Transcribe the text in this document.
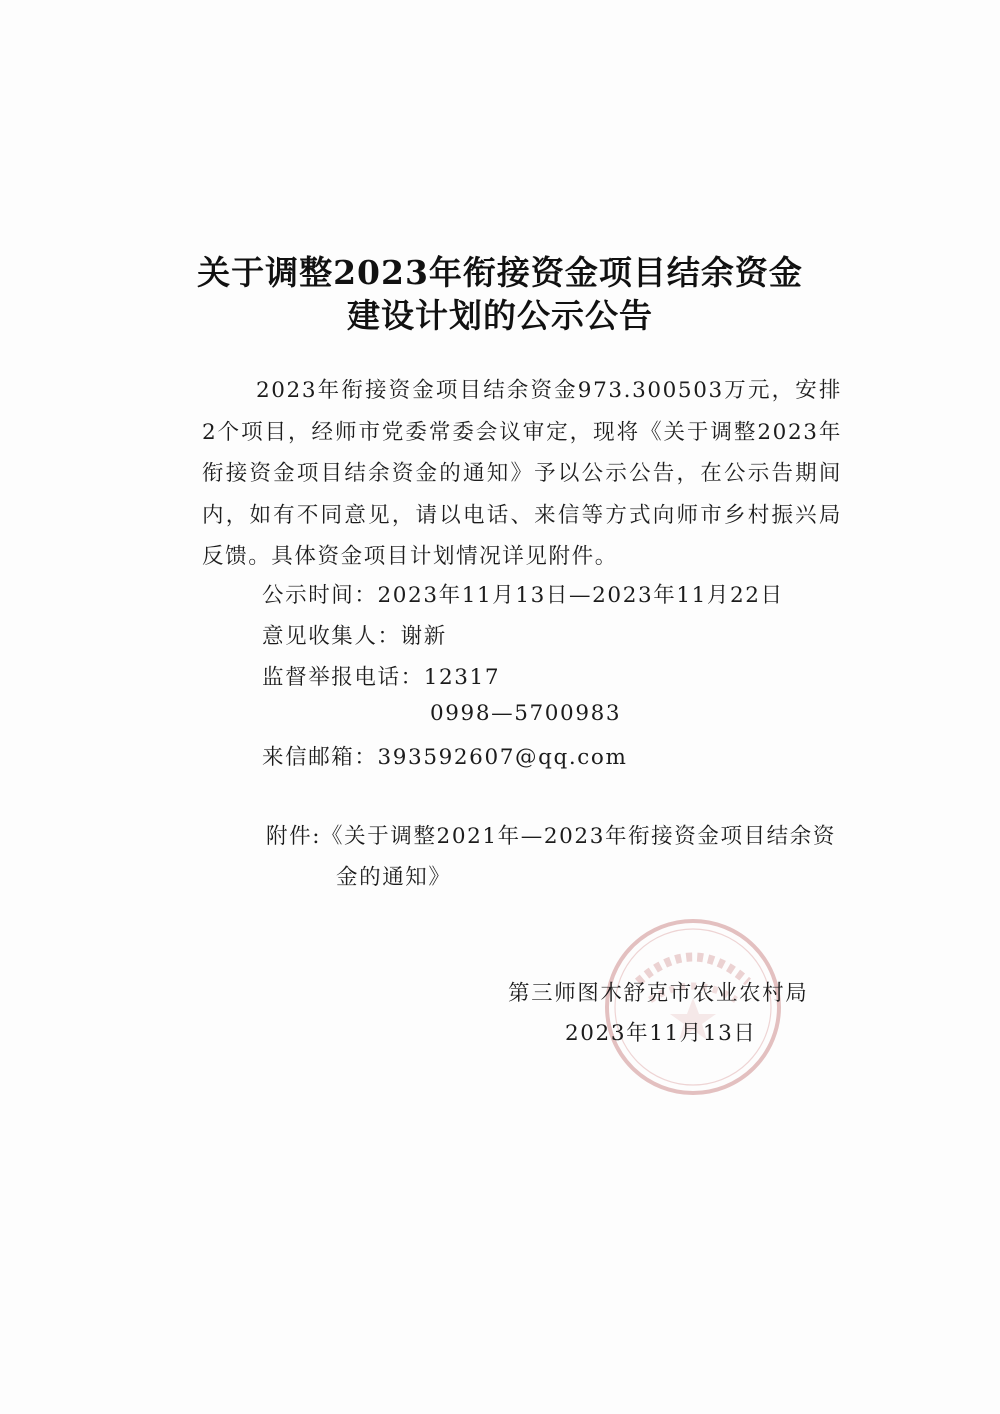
关于调整2023年衔接资金项目结余资金
建设计划的公示公告
2023年衔接资金项目结余资金973.300503万元，安排2个项目，经师市党委常委会议审定，现将《关于调整2023年衔接资金项目结余资金的通知》予以公示公告，在公示告期间内，如有不同意见，请以电话、来信等方式向师市乡村振兴局反馈。具体资金项目计划情况详见附件。
公示时间：2023年11月13日—2023年11月22日
意见收集人：谢新
监督举报电话：12317
0998—5700983
来信邮箱：393592607@qq.com
附件:《关于调整2021年—2023年衔接资金项目结余资
金的通知》
第三师图木舒克市农业农村局
2023年11月13日
